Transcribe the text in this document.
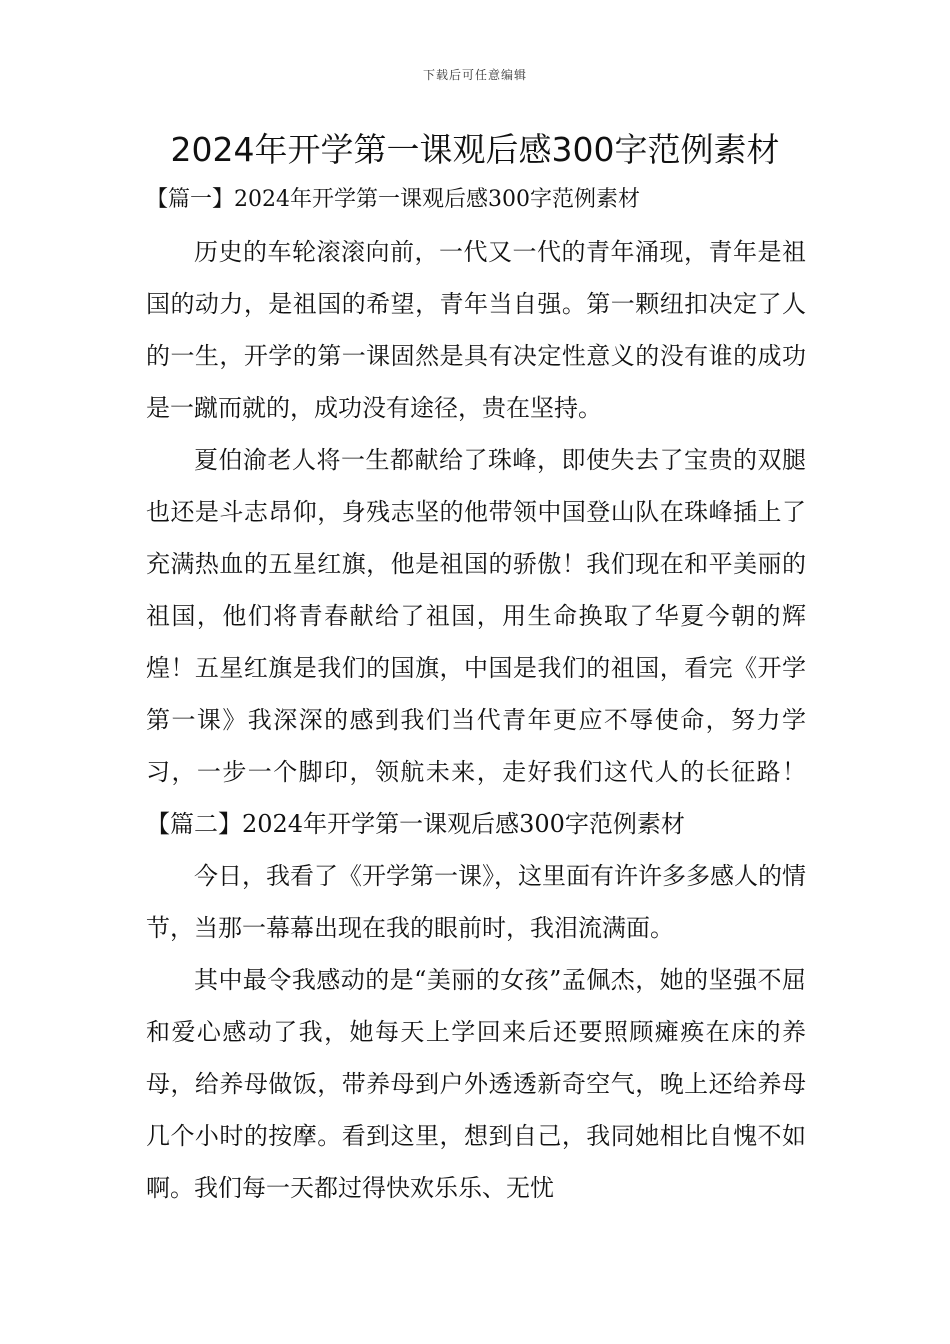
下载后可任意编辑
2024年开学第一课观后感300字范例素材

【篇一】2024年开学第一课观后感300字范例素材

历史的车轮滚滚向前，一代又一代的青年涌现，青年是祖国的动力，是祖国的希望，青年当自强。第一颗纽扣决定了人的一生，开学的第一课固然是具有决定性意义的没有谁的成功是一蹴而就的，成功没有途径，贵在坚持。

夏伯渝老人将一生都献给了珠峰，即使失去了宝贵的双腿也还是斗志昂仰，身残志坚的他带领中国登山队在珠峰插上了充满热血的五星红旗，他是祖国的骄傲！我们现在和平美丽的祖国，他们将青春献给了祖国，用生命换取了华夏今朝的辉煌！五星红旗是我们的国旗，中国是我们的祖国，看完《开学第一课》我深深的感到我们当代青年更应不辱使命，努力学习，一步一个脚印，领航未来，走好我们这代人的长征路！【篇二】2024年开学第一课观后感300字范例素材

今日，我看了《开学第一课》，这里面有许许多多感人的情节，当那一幕幕出现在我的眼前时，我泪流满面。

其中最令我感动的是“美丽的女孩”孟佩杰，她的坚强不屈和爱心感动了我，她每天上学回来后还要照顾瘫痪在床的养母，给养母做饭，带养母到户外透透新奇空气，晚上还给养母几个小时的按摩。看到这里，想到自己，我同她相比自愧不如啊。我们每一天都过得快欢乐乐、无忧
